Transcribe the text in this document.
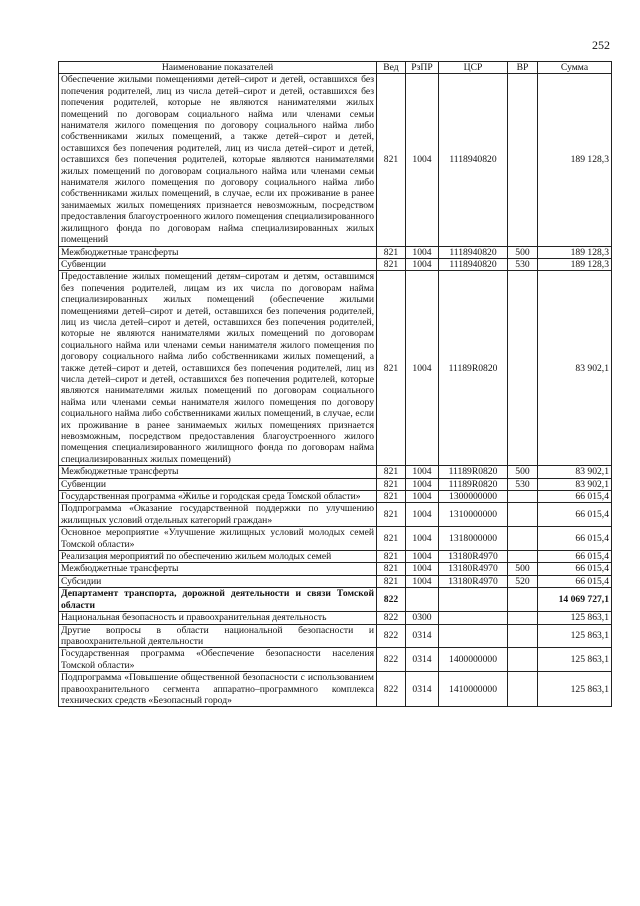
252
Наименование показателей	Вед	РзПР	ЦСР	ВР	Сумма
Обеспечение жилыми помещениями детей–сирот и детей, оставшихся без попечения родителей, лиц из числа детей–сирот и детей, оставшихся без попечения родителей, которые не являются нанимателями жилых помещений по договорам социального найма или членами семьи нанимателя жилого помещения по договору социального найма либо собственниками жилых помещений, а также детей–сирот и детей, оставшихся без попечения родителей, лиц из числа детей–сирот и детей, оставшихся без попечения родителей, которые являются нанимателями жилых помещений по договорам социального найма или членами семьи нанимателя жилого помещения по договору социального найма либо собственниками жилых помещений, в случае, если их проживание в ранее занимаемых жилых помещениях признается невозможным, посредством предоставления благоустроенного жилого помещения специализированного жилищного фонда по договорам найма специализированных жилых помещений	821	1004	1118940820		189 128,3
Межбюджетные трансферты	821	1004	1118940820	500	189 128,3
Субвенции	821	1004	1118940820	530	189 128,3
Предоставление жилых помещений детям–сиротам и детям, оставшимся без попечения родителей, лицам из их числа по договорам найма специализированных жилых помещений (обеспечение жилыми помещениями детей–сирот и детей, оставшихся без попечения родителей, лиц из числа детей–сирот и детей, оставшихся без попечения родителей, которые не являются нанимателями жилых помещений по договорам социального найма или членами семьи нанимателя жилого помещения по договору социального найма либо собственниками жилых помещений, а также детей–сирот и детей, оставшихся без попечения родителей, лиц из числа детей–сирот и детей, оставшихся без попечения родителей, которые являются нанимателями жилых помещений по договорам социального найма или членами семьи нанимателя жилого помещения по договору социального найма либо собственниками жилых помещений, в случае, если их проживание в ранее занимаемых жилых помещениях признается невозможным, посредством предоставления благоустроенного жилого помещения специализированного жилищного фонда по договорам найма специализированных жилых помещений)	821	1004	11189R0820		83 902,1
Межбюджетные трансферты	821	1004	11189R0820	500	83 902,1
Субвенции	821	1004	11189R0820	530	83 902,1
Государственная программа «Жилье и городская среда Томской области»	821	1004	1300000000		66 015,4
Подпрограмма «Оказание государственной поддержки по улучшению жилищных условий отдельных категорий граждан»	821	1004	1310000000		66 015,4
Основное мероприятие «Улучшение жилищных условий молодых семей Томской области»	821	1004	1318000000		66 015,4
Реализация мероприятий по обеспечению жильем молодых семей	821	1004	13180R4970		66 015,4
Межбюджетные трансферты	821	1004	13180R4970	500	66 015,4
Субсидии	821	1004	13180R4970	520	66 015,4
Департамент транспорта, дорожной деятельности и связи Томской области	822				14 069 727,1
Национальная безопасность и правоохранительная деятельность	822	0300			125 863,1
Другие вопросы в области национальной безопасности и правоохранительной деятельности	822	0314			125 863,1
Государственная программа «Обеспечение безопасности населения Томской области»	822	0314	1400000000		125 863,1
Подпрограмма «Повышение общественной безопасности с использованием правоохранительного сегмента аппаратно–программного комплекса технических средств «Безопасный город»	822	0314	1410000000		125 863,1
